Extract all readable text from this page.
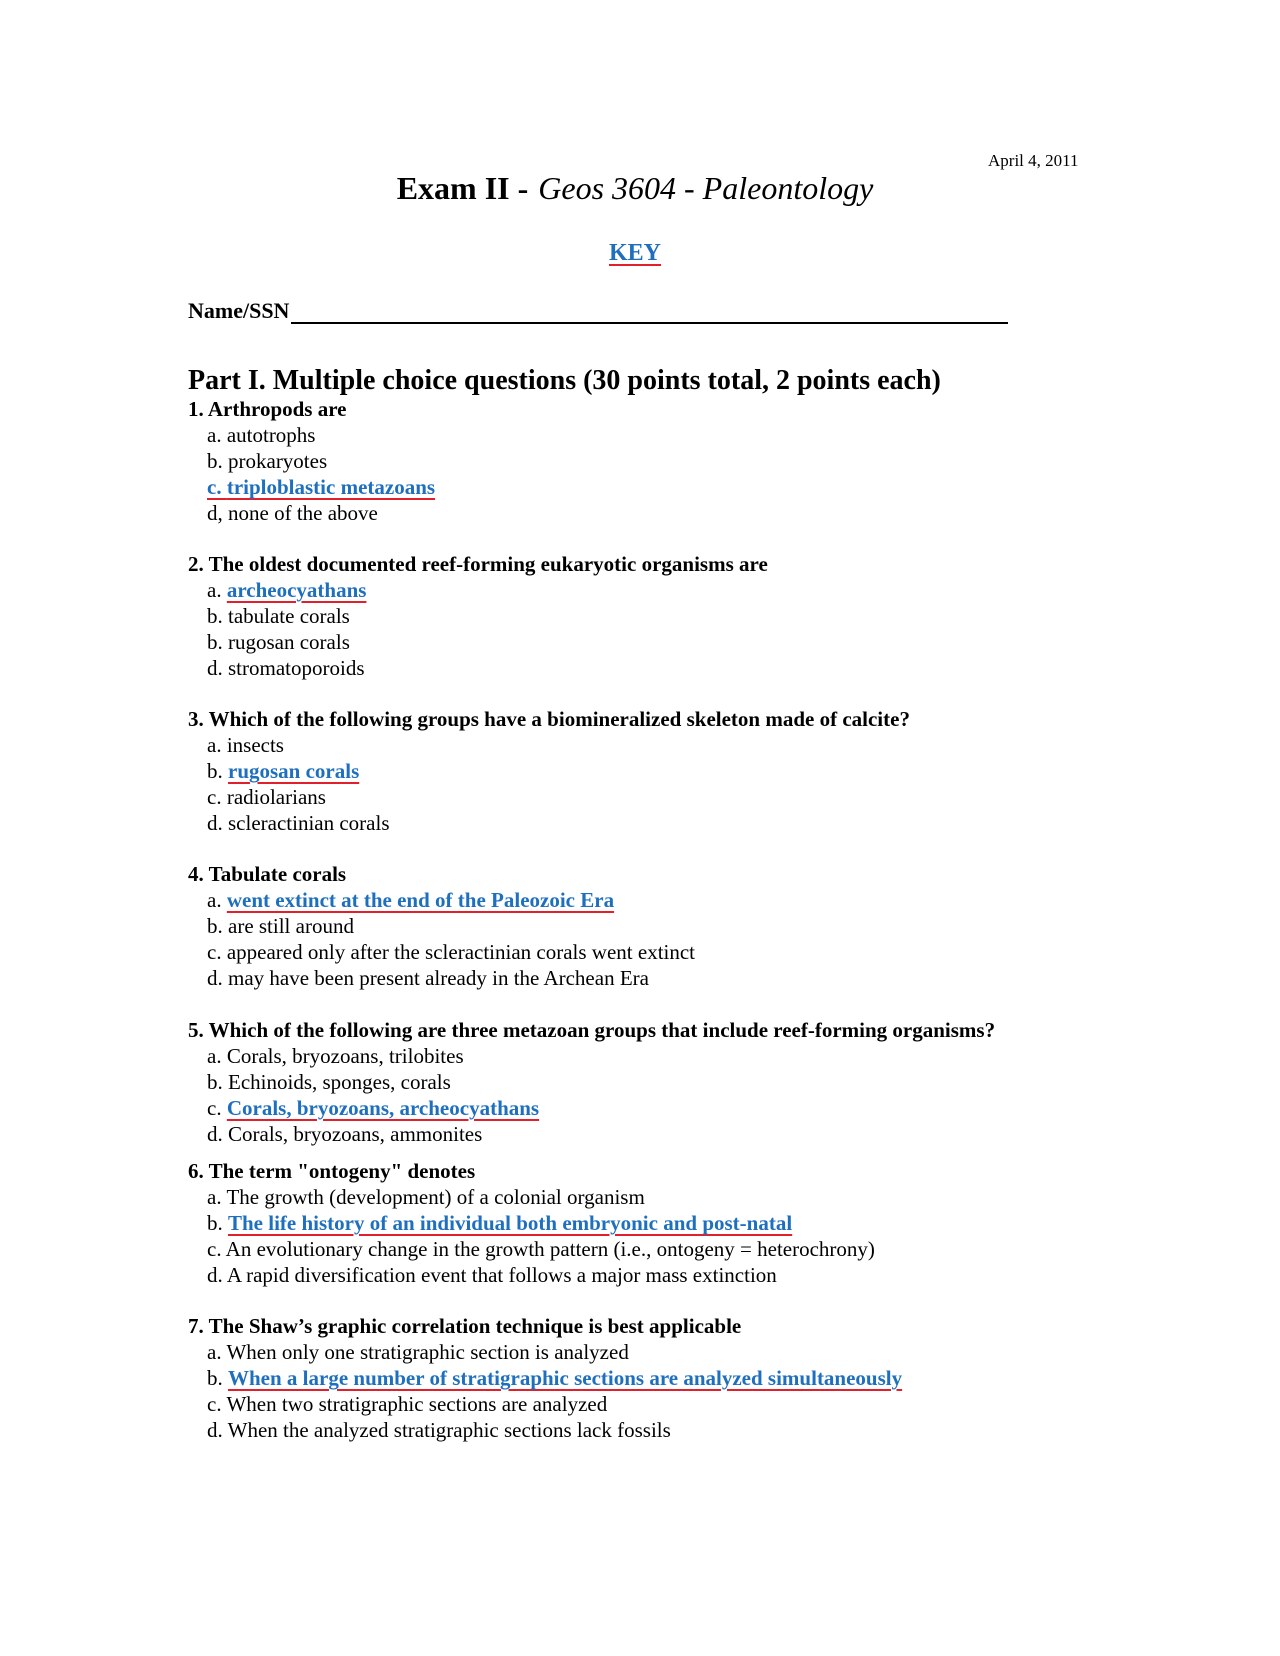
April 4, 2011
Exam II - Geos 3604 - Paleontology
KEY
Name/SSN
Part I. Multiple choice questions (30 points total, 2 points each)
1. Arthropods are
a. autotrophs
b. prokaryotes
c. triploblastic metazoans
d, none of the above
2. The oldest documented reef-forming eukaryotic organisms are
a. archeocyathans
b. tabulate corals
b. rugosan corals
d. stromatoporoids
3. Which of the following groups have a biomineralized skeleton made of calcite?
a. insects
b. rugosan corals
c. radiolarians
d. scleractinian corals
4. Tabulate corals
a. went extinct at the end of the Paleozoic Era
b. are still around
c. appeared only after the scleractinian corals went extinct
d. may have been present already in the Archean Era
5. Which of the following are three metazoan groups that include reef-forming organisms?
a. Corals, bryozoans, trilobites
b. Echinoids, sponges, corals
c. Corals, bryozoans, archeocyathans
d. Corals, bryozoans, ammonites
6. The term "ontogeny" denotes
a. The growth (development) of a colonial organism
b. The life history of an individual both embryonic and post-natal
c. An evolutionary change in the growth pattern (i.e., ontogeny = heterochrony)
d. A rapid diversification event that follows a major mass extinction
7. The Shaw’s graphic correlation technique is best applicable
a. When only one stratigraphic section is analyzed
b. When a large number of stratigraphic sections are analyzed simultaneously
c. When two stratigraphic sections are analyzed
d. When the analyzed stratigraphic sections lack fossils
